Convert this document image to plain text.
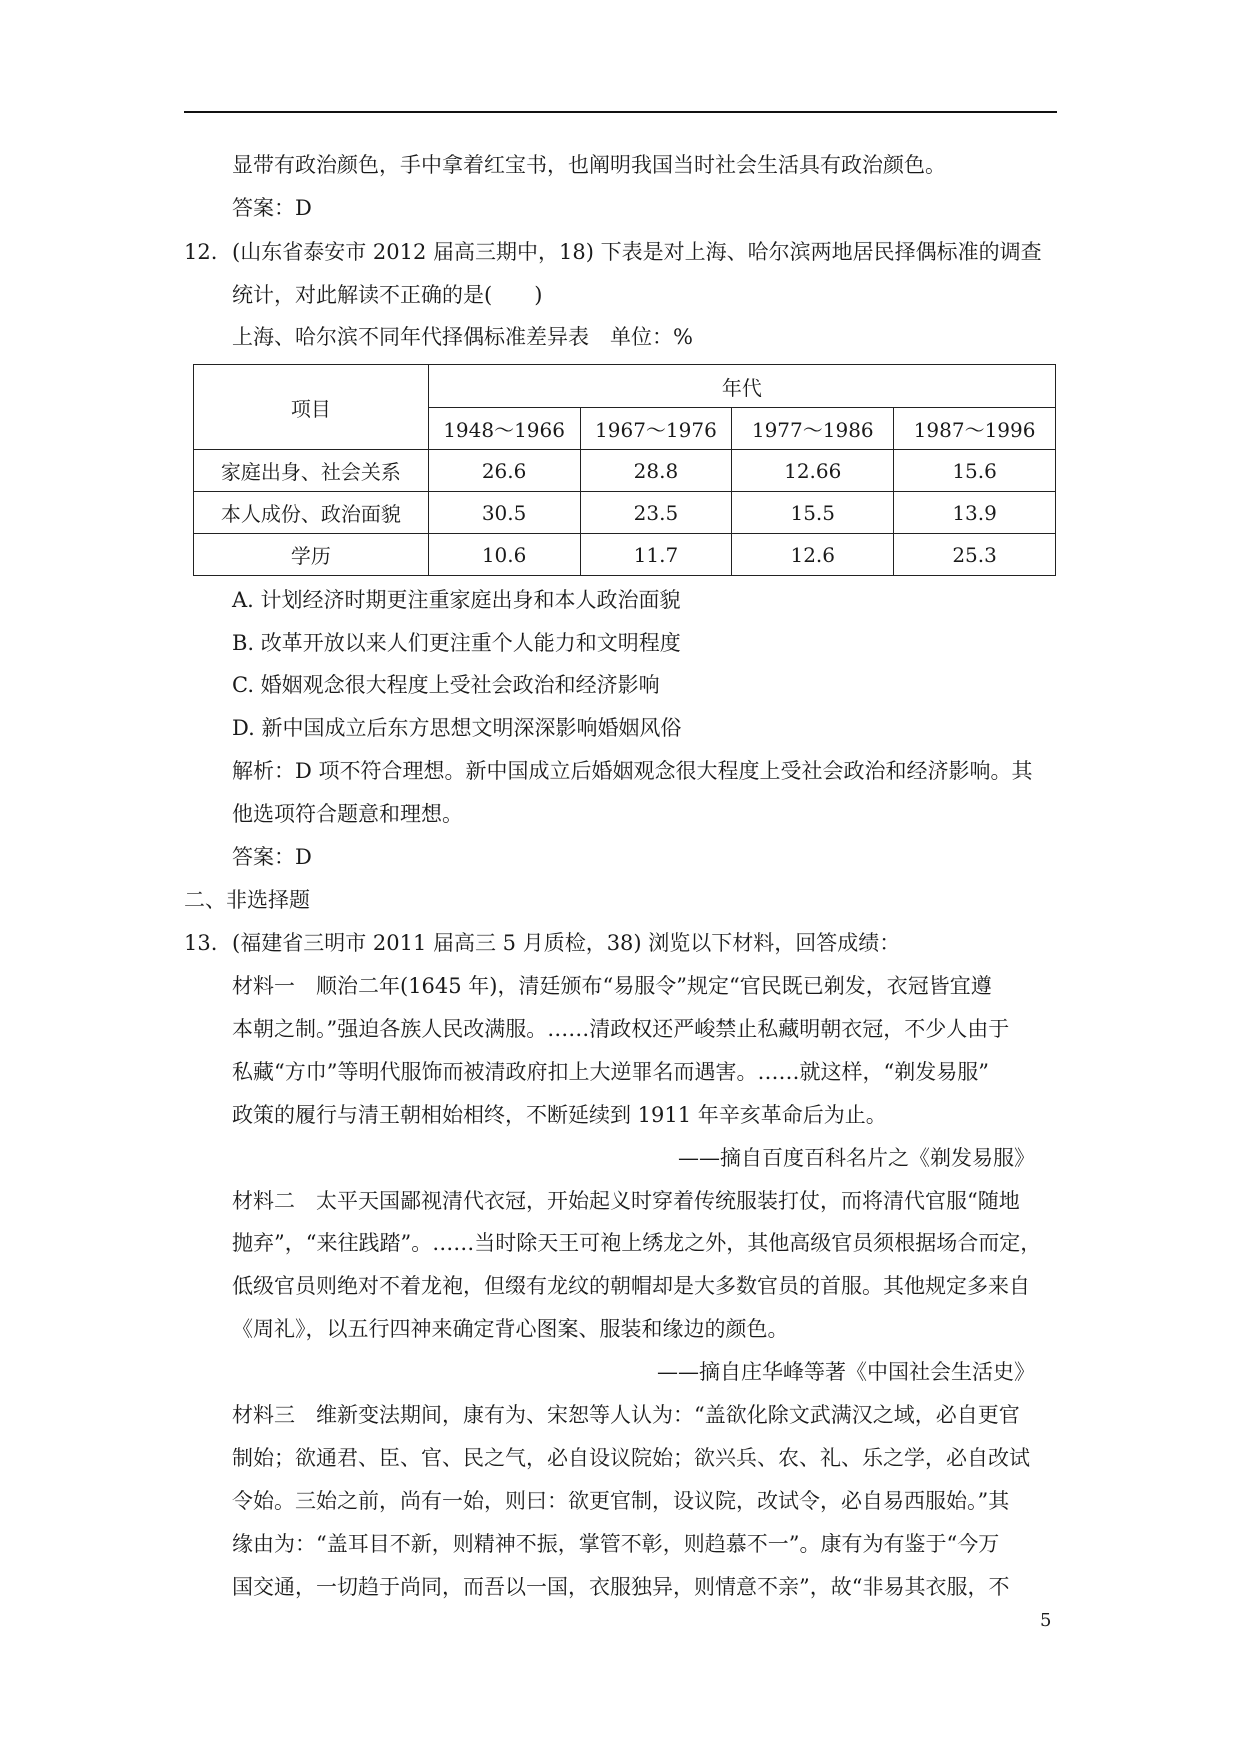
显带有政治颜色，手中拿着红宝书，也阐明我国当时社会生活具有政治颜色。
答案：D
12. (山东省泰安市 2012 届高三期中，18) 下表是对上海、哈尔滨两地居民择偶标准的调查
统计，对此解读不正确的是(　　)
上海、哈尔滨不同年代择偶标准差异表　单位：%
项目	年代			
	1948～1966	1967～1976	1977～1986	1987～1996
家庭出身、社会关系	26.6	28.8	12.66	15.6
本人成份、政治面貌	30.5	23.5	15.5	13.9
学历	10.6	11.7	12.6	25.3
A. 计划经济时期更注重家庭出身和本人政治面貌
B. 改革开放以来人们更注重个人能力和文明程度
C. 婚姻观念很大程度上受社会政治和经济影响
D. 新中国成立后东方思想文明深深影响婚姻风俗
解析：D 项不符合理想。新中国成立后婚姻观念很大程度上受社会政治和经济影响。其
他选项符合题意和理想。
答案：D
二、非选择题
13. (福建省三明市 2011 届高三 5 月质检，38) 浏览以下材料，回答成绩：
材料一　顺治二年(1645 年)，清廷颁布“易服令”规定“官民既已剃发，衣冠皆宜遵
本朝之制。”强迫各族人民改满服。……清政权还严峻禁止私藏明朝衣冠，不少人由于
私藏“方巾”等明代服饰而被清政府扣上大逆罪名而遇害。……就这样，“剃发易服”
政策的履行与清王朝相始相终，不断延续到 1911 年辛亥革命后为止。
——摘自百度百科名片之《剃发易服》
材料二　太平天国鄙视清代衣冠，开始起义时穿着传统服装打仗，而将清代官服“随地
抛弃”，“来往践踏”。……当时除天王可袍上绣龙之外，其他高级官员须根据场合而定，
低级官员则绝对不着龙袍，但缀有龙纹的朝帽却是大多数官员的首服。其他规定多来自
《周礼》，以五行四神来确定背心图案、服装和缘边的颜色。
——摘自庄华峰等著《中国社会生活史》
材料三　维新变法期间，康有为、宋恕等人认为：“盖欲化除文武满汉之域，必自更官
制始；欲通君、臣、官、民之气，必自设议院始；欲兴兵、农、礼、乐之学，必自改试
令始。三始之前，尚有一始，则曰：欲更官制，设议院，改试令，必自易西服始。”其
缘由为：“盖耳目不新，则精神不振，掌管不彰，则趋慕不一”。康有为有鉴于“今万
国交通，一切趋于尚同，而吾以一国，衣服独异，则情意不亲”，故“非易其衣服，不
5
